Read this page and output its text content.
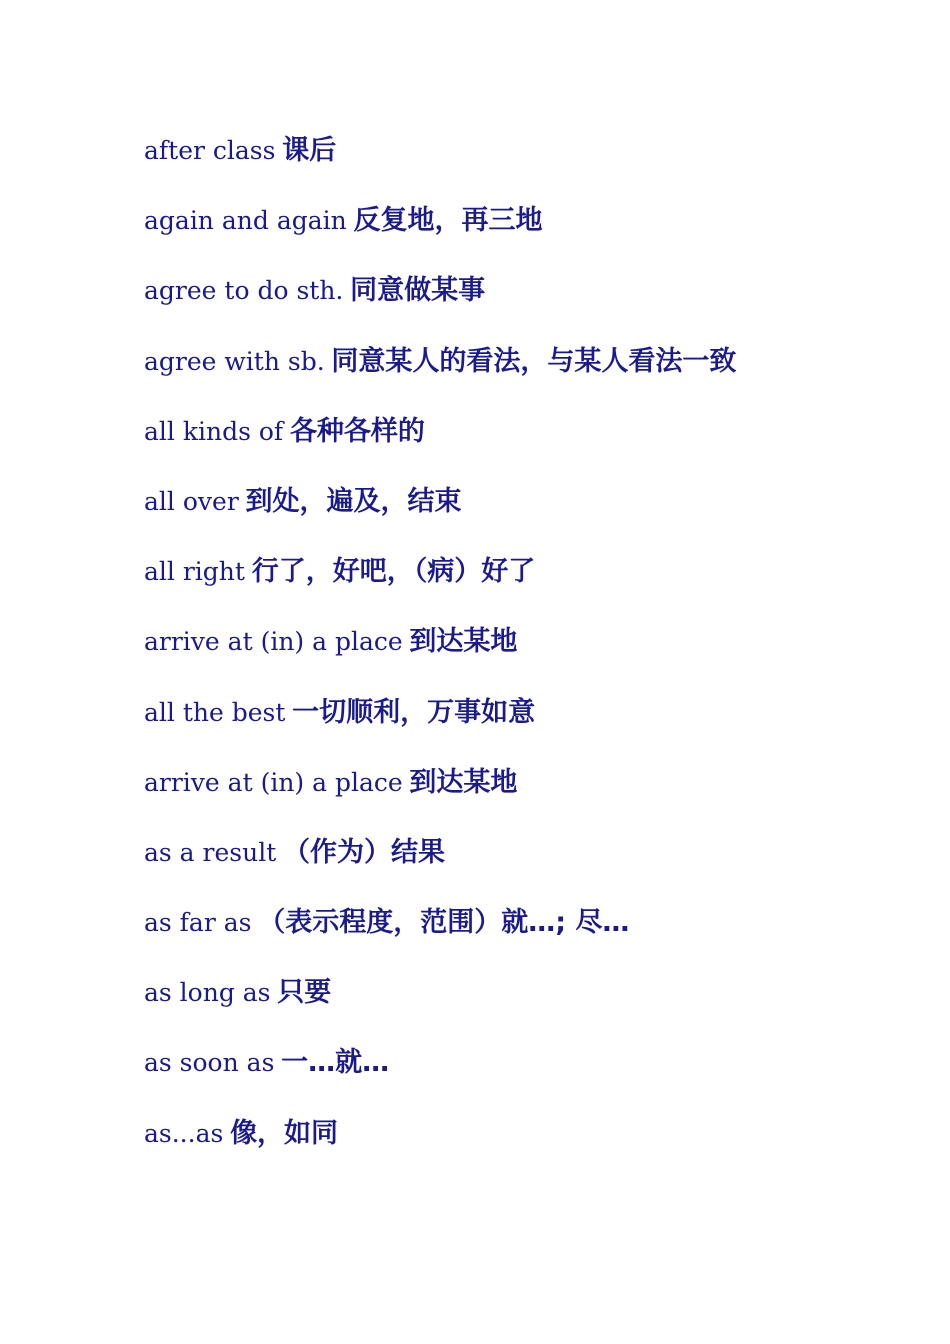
after class 课后
again and again 反复地，再三地
agree to do sth. 同意做某事
agree with sb. 同意某人的看法，与某人看法一致
all kinds of 各种各样的
all over 到处，遍及，结束
all right 行了，好吧，（病）好了
arrive at (in) a place 到达某地
all the best 一切顺利，万事如意
arrive at (in) a place 到达某地
as a result （作为）结果
as far as （表示程度，范围）就…; 尽…
as long as 只要
as soon as 一…就…
as...as 像，如同
